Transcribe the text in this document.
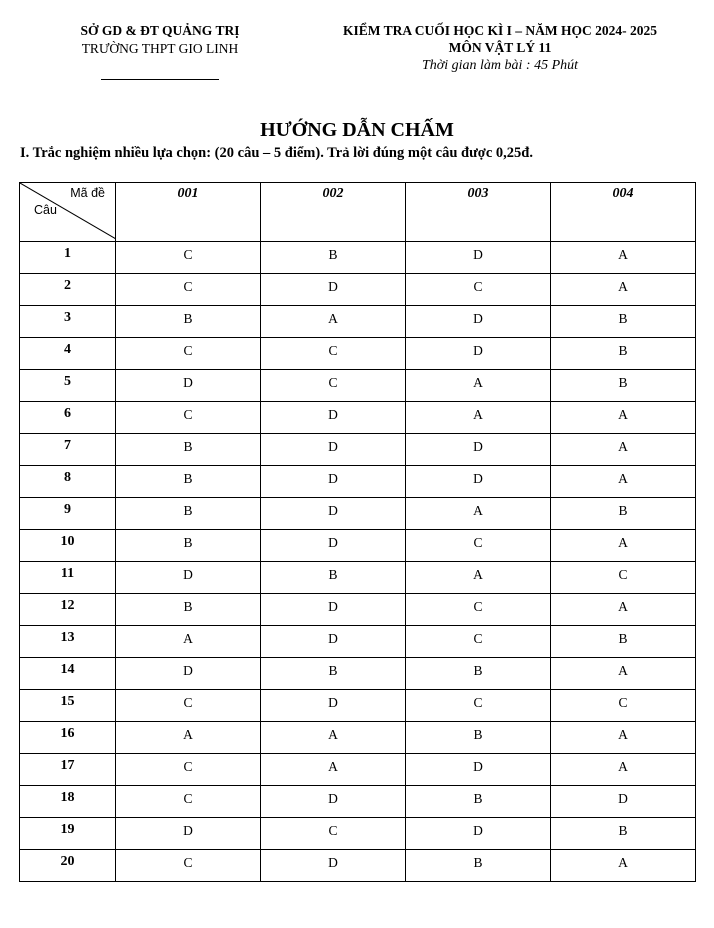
SỞ GD & ĐT QUẢNG TRỊ
TRƯỜNG THPT GIO LINH
KIỂM TRA CUỐI HỌC KÌ I – NĂM HỌC 2024- 2025
MÔN VẬT LÝ 11
Thời gian làm bài : 45 Phút
HƯỚNG DẪN CHẤM
I. Trắc nghiệm nhiều lựa chọn: (20 câu – 5 điểm). Trả lời đúng một câu được 0,25đ.
Mã đề
Câu	001	002	003	004
1	C	B	D	A
2	C	D	C	A
3	B	A	D	B
4	C	C	D	B
5	D	C	A	B
6	C	D	A	A
7	B	D	D	A
8	B	D	D	A
9	B	D	A	B
10	B	D	C	A
11	D	B	A	C
12	B	D	C	A
13	A	D	C	B
14	D	B	B	A
15	C	D	C	C
16	A	A	B	A
17	C	A	D	A
18	C	D	B	D
19	D	C	D	B
20	C	D	B	A
